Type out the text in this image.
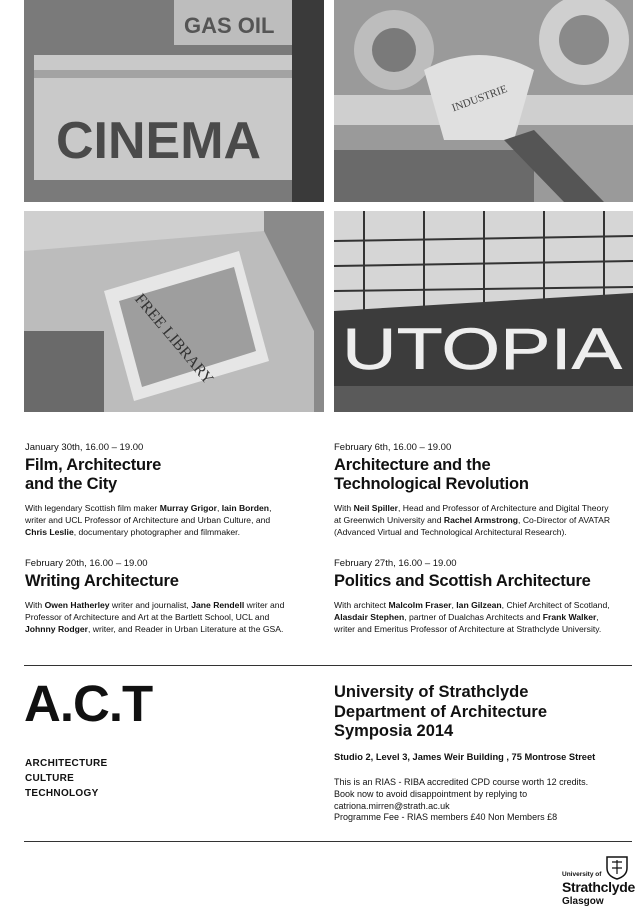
GAS OIL
CINEMA
INDUSTRIE
FREE LIBRARY UTOPIA
January 30th, 16.00 – 19.00
Film, Architecture
and the City
With legendary Scottish film maker Murray Grigor, Iain Borden,
writer and UCL Professor of Architecture and Urban Culture, and
Chris Leslie, documentary photographer and filmmaker.
February 6th, 16.00 – 19.00
Architecture and the
Technological Revolution
With Neil Spiller, Head and Professor of Architecture and Digital Theory
at Greenwich University and Rachel Armstrong, Co-Director of AVATAR
(Advanced Virtual and Technological Architectural Research).
February 20th, 16.00 – 19.00
Writing Architecture
With Owen Hatherley writer and journalist, Jane Rendell writer and
Professor of Architecture and Art at the Bartlett School, UCL and
Johnny Rodger, writer, and Reader in Urban Literature at the GSA.
February 27th, 16.00 – 19.00
Politics and Scottish Architecture
With architect Malcolm Fraser, Ian Gilzean, Chief Architect of Scotland,
Alasdair Stephen, partner of Dualchas Architects and Frank Walker,
writer and Emeritus Professor of Architecture at Strathclyde University.
A.C.T
ARCHITECTURE
CULTURE
TECHNOLOGY
University of Strathclyde
Department of Architecture
Symposia 2014
Studio 2, Level 3, James Weir Building , 75 Montrose Street
This is an RIAS - RIBA accredited CPD course worth 12 credits.
Book now to avoid disappointment by replying to
catriona.mirren@strath.ac.uk
Programme Fee - RIAS members £40 Non Members £8
University of
Strathclyde
Glasgow
